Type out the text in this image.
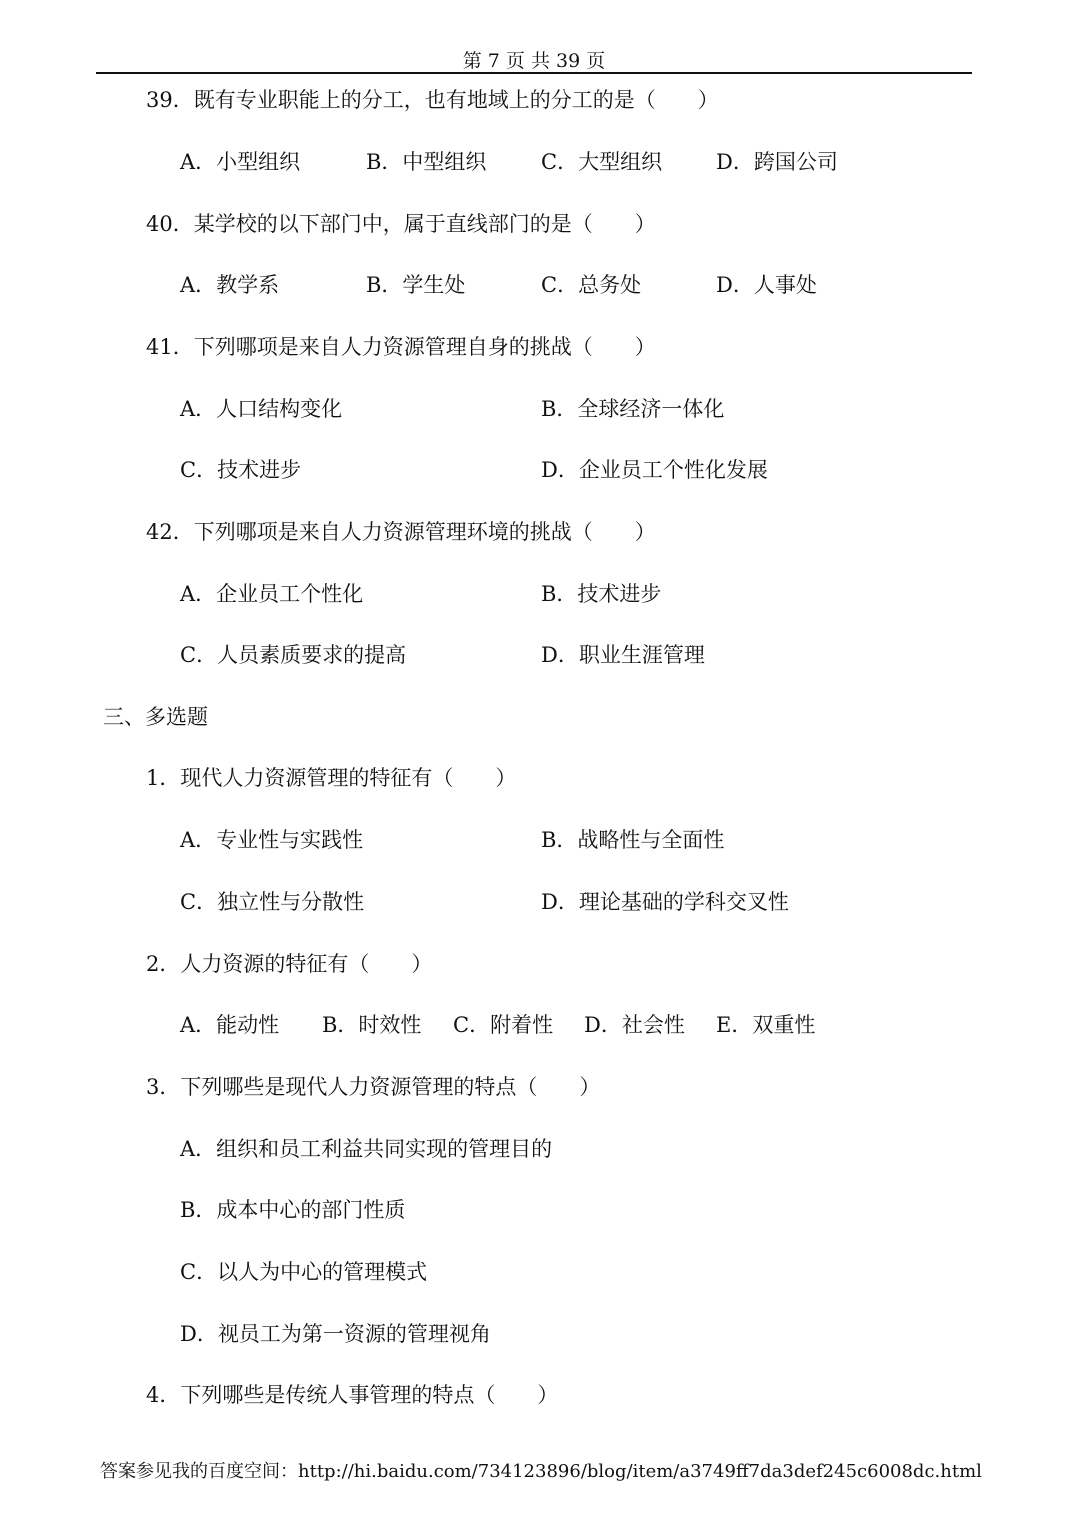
第 7 页 共 39 页
39．既有专业职能上的分工，也有地域上的分工的是（　　）
A．小型组织	B．中型组织	C．大型组织	D．跨国公司
40．某学校的以下部门中，属于直线部门的是（　　）
A．教学系	B．学生处	C．总务处	D．人事处
41．下列哪项是来自人力资源管理自身的挑战（　　）
A．人口结构变化	B．全球经济一体化
C．技术进步	D．企业员工个性化发展
42．下列哪项是来自人力资源管理环境的挑战（　　）
A．企业员工个性化	B．技术进步
C．人员素质要求的提高	D．职业生涯管理
三、多选题
1．现代人力资源管理的特征有（　　）
A．专业性与实践性	B．战略性与全面性
C．独立性与分散性	D．理论基础的学科交叉性
2．人力资源的特征有（　　）
A．能动性 B．时效性 C．附着性 D．社会性 E．双重性
3．下列哪些是现代人力资源管理的特点（　　）
A．组织和员工利益共同实现的管理目的
B．成本中心的部门性质
C．以人为中心的管理模式
D．视员工为第一资源的管理视角
4．下列哪些是传统人事管理的特点（　　）
答案参见我的百度空间：http://hi.baidu.com/734123896/blog/item/a3749ff7da3def245c6008dc.html
